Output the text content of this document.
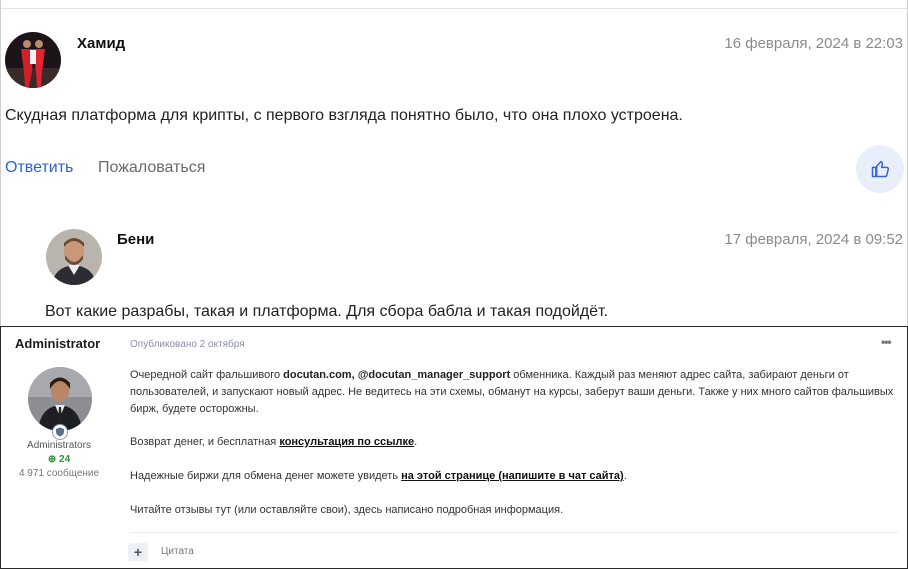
Хамид	16 февраля, 2024 в 22:03
Скудная платформа для крипты, с первого взгляда понятно было, что она плохо устроена.
Ответить Пожаловаться
Бени	17 февраля, 2024 в 09:52
Вот какие разрабы, такая и платформа. Для сбора бабла и такая подойдёт.
Administrator
Administrators
⊕ 24
4 971 сообщение
Опубликовано 2 октября	•••
Очередной сайт фальшивого docutan.com, @docutan_manager_support обменника. Каждый раз меняют адрес сайта, забирают деньги от пользователей, и запускают новый адрес. Не ведитесь на эти схемы, обманут на курсы, заберут ваши деньги. Также у них много сайтов фальшивых бирж, будете осторожны.
Возврат денег, и бесплатная консультация по ссылке.
Надежные биржи для обмена денег можете увидеть на этой странице (напишите в чат сайта).
Читайте отзывы тут (или оставляйте свои), здесь написано подробная информация.
+	Цитата
